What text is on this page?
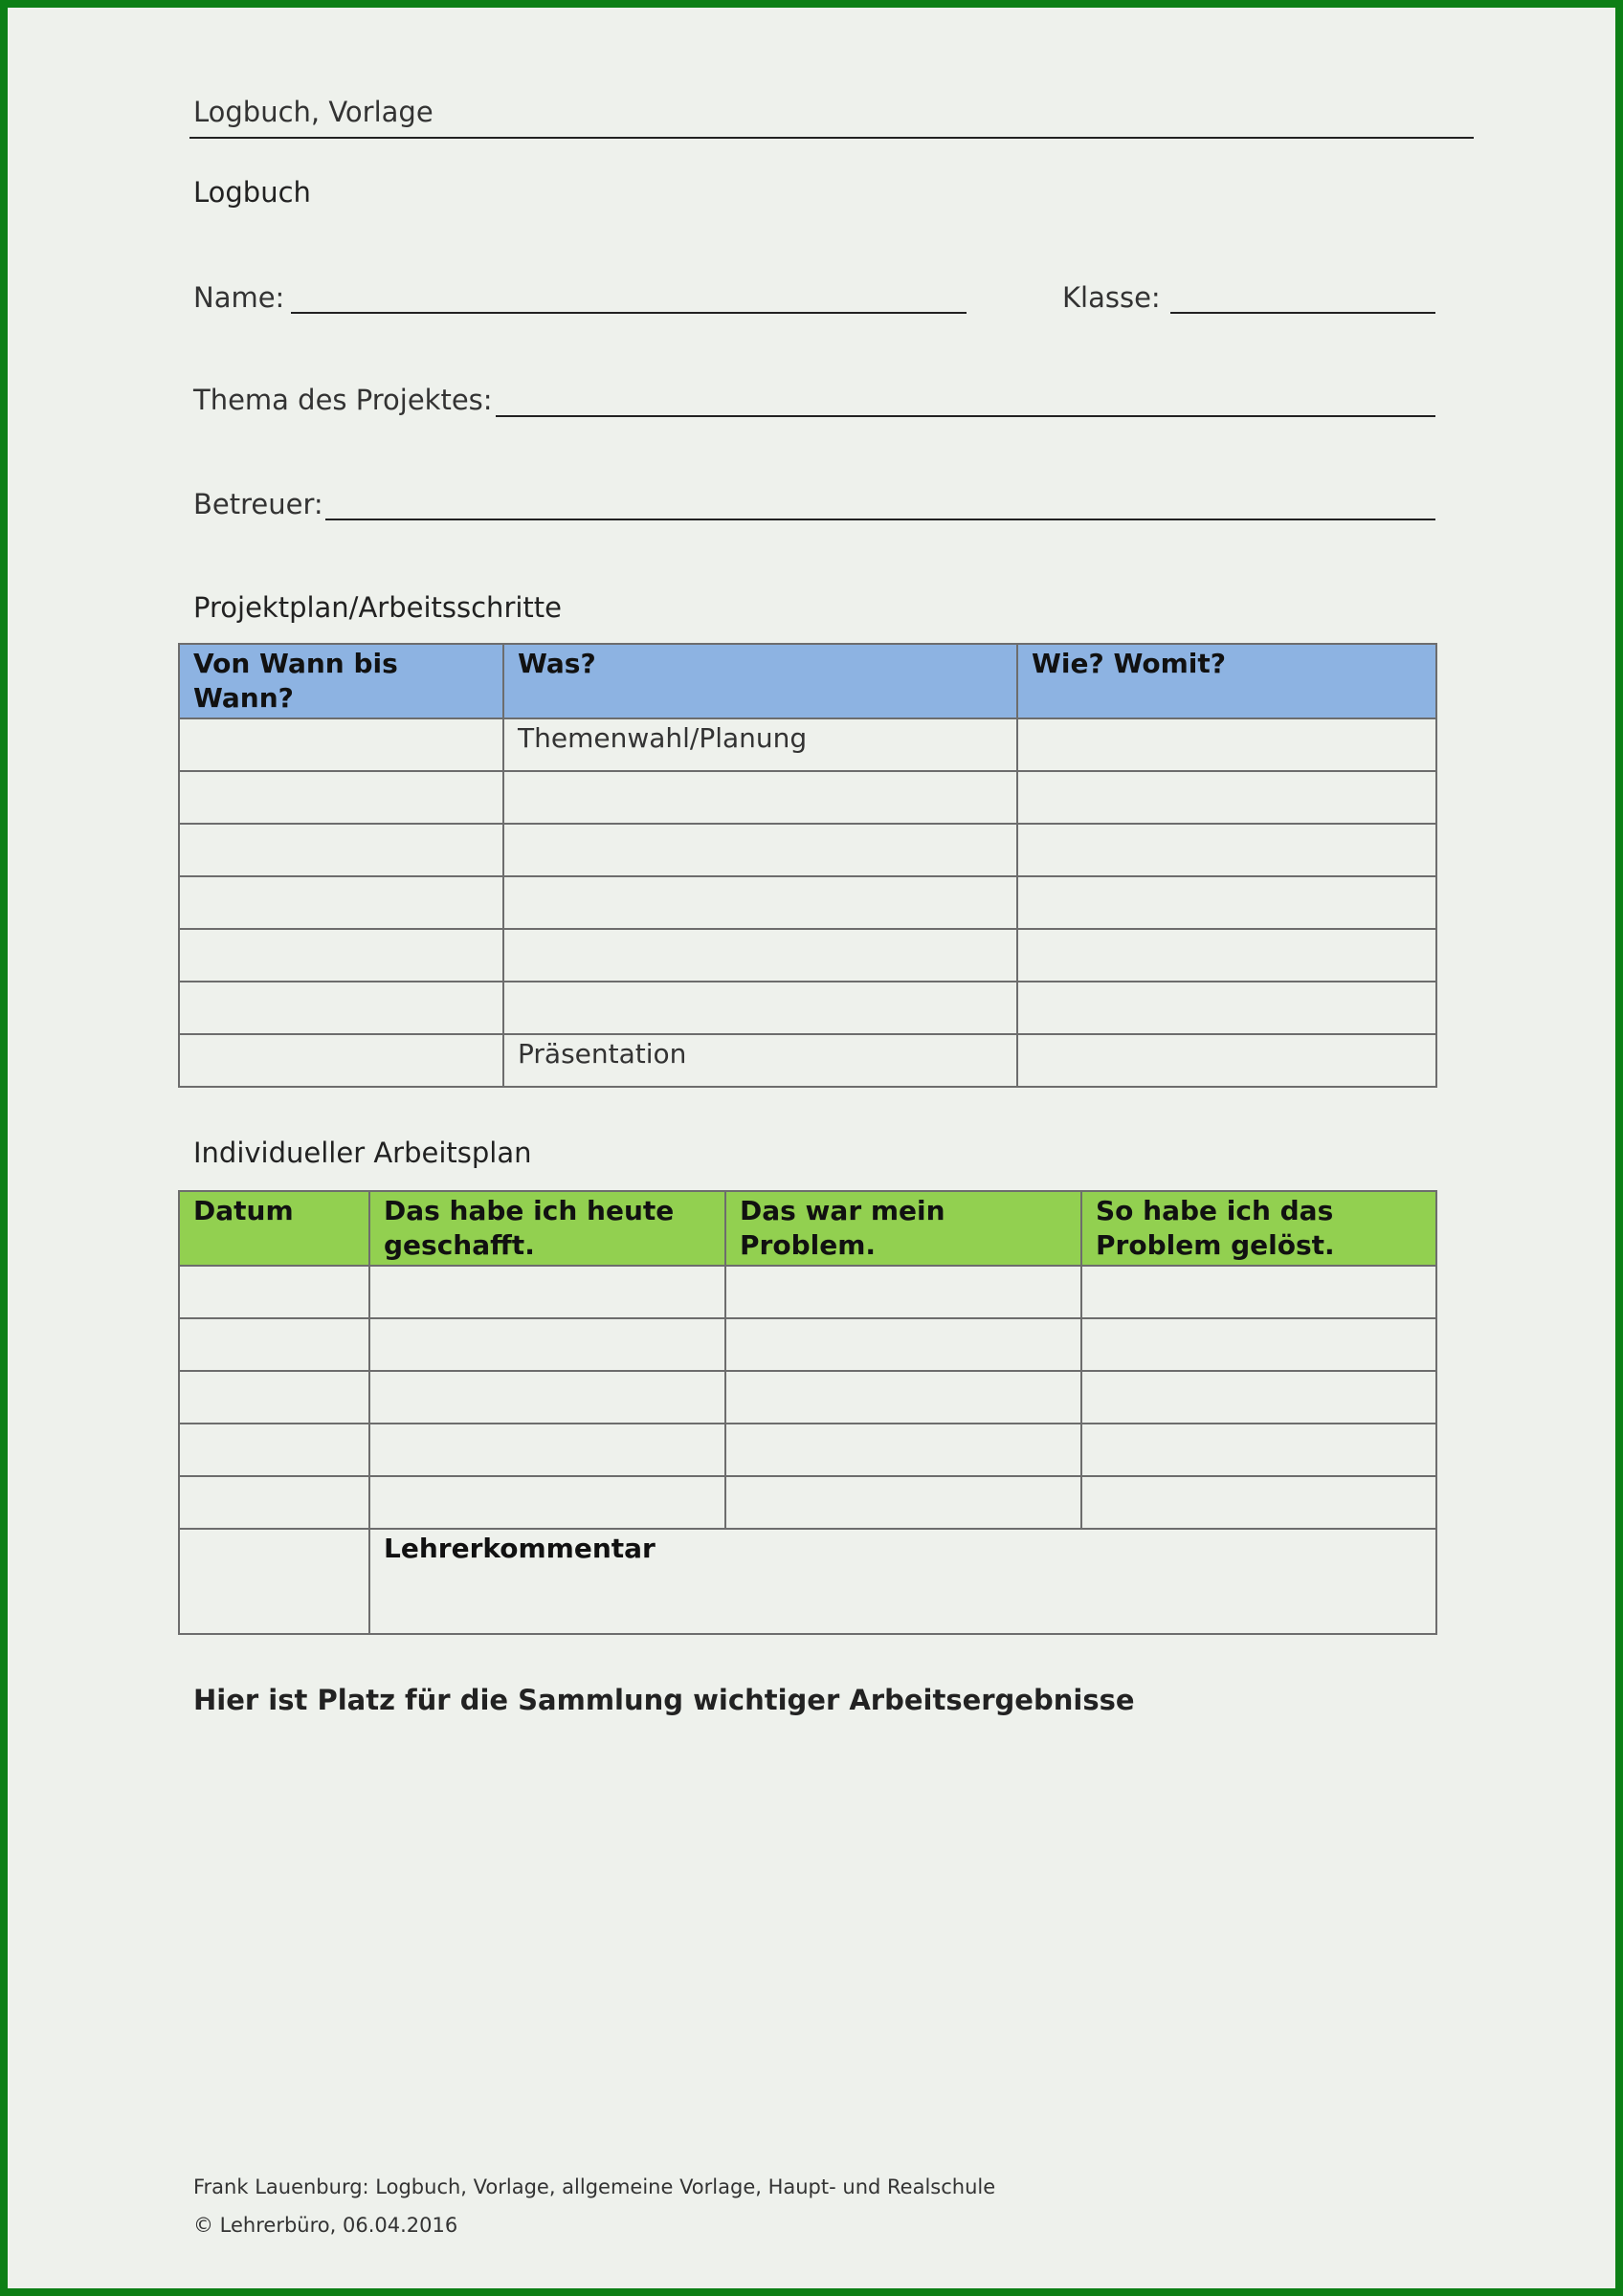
Logbuch, Vorlage
Logbuch
Name:	Klasse:
Thema des Projektes:
Betreuer:
Projektplan/Arbeitsschritte
Von Wann bis Wann?	Was?	Wie? Womit?
	Themenwahl/Planung	

	Präsentation	
Individueller Arbeitsplan
Datum	Das habe ich heute geschafft.	Das war mein Problem.	So habe ich das Problem gelöst.

	Lehrerkommentar		
Hier ist Platz für die Sammlung wichtiger Arbeitsergebnisse
Frank Lauenburg: Logbuch, Vorlage, allgemeine Vorlage, Haupt- und Realschule
© Lehrerbüro, 06.04.2016
